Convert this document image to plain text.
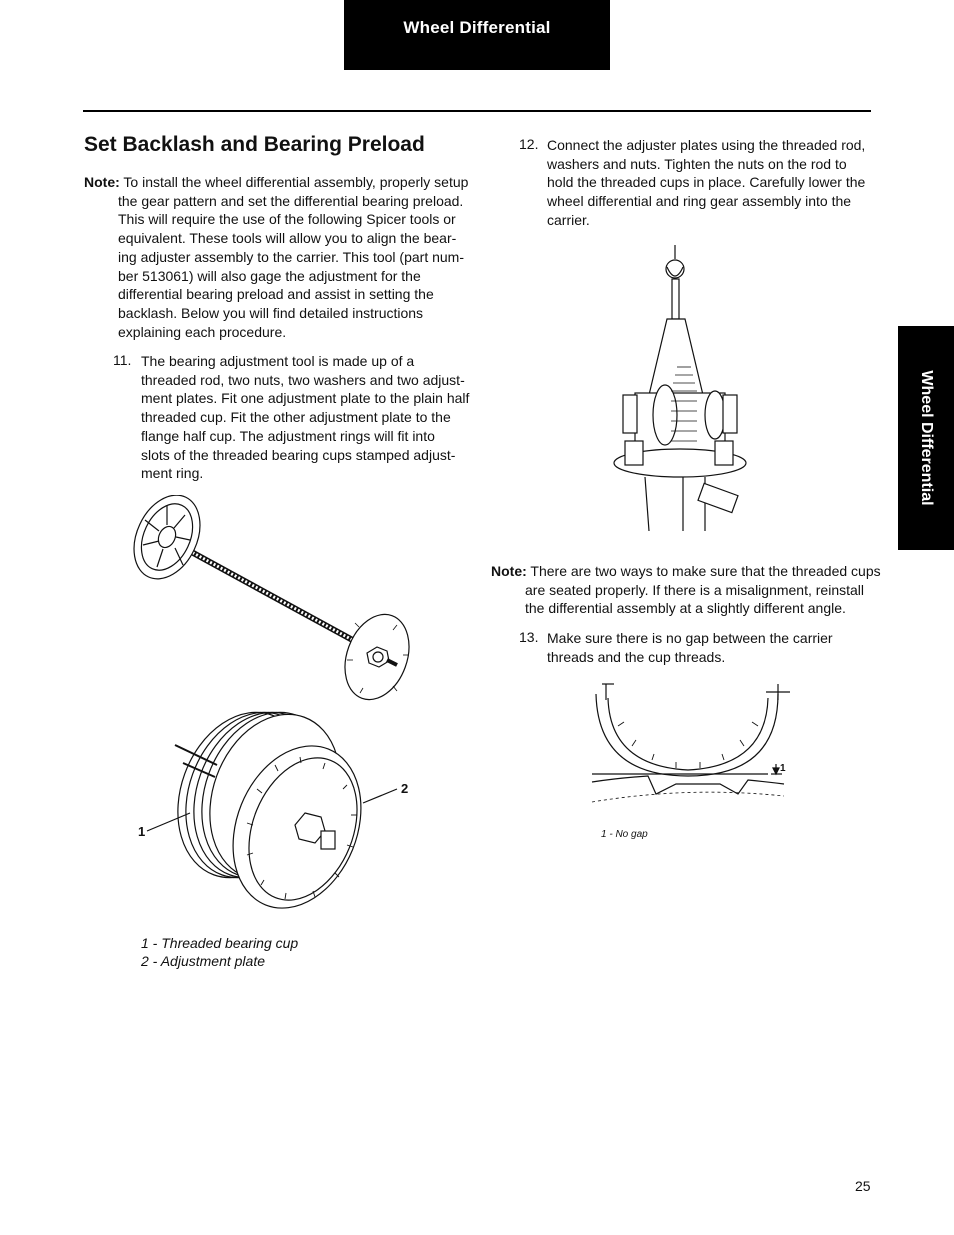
Wheel Differential
Wheel Differential
Set Backlash and Bearing Preload
Note: To install the wheel differential assembly, properly setup
the gear pattern and set the differential bearing preload.
This will require the use of the following Spicer tools or
equivalent. These tools will allow you to align the bear-
ing adjuster assembly to the carrier. This tool (part num-
ber 513061) will also gage the adjustment for the
differential bearing preload and assist in setting the
backlash. Below you will find detailed instructions
explaining each procedure.
11. The bearing adjustment tool is made up of a
threaded rod, two nuts, two washers and two adjust-
ment plates. Fit one adjustment plate to the plain half
threaded cup. Fit the other adjustment plate to the
flange half cup. The adjustment rings will fit into
slots of the threaded bearing cups stamped adjust-
ment ring.
1
2
1 - Threaded bearing cup
2 - Adjustment plate
12. Connect the adjuster plates using the threaded rod,
washers and nuts. Tighten the nuts on the rod to
hold the threaded cups in place. Carefully lower the
wheel differential and ring gear assembly into the
carrier.
Note: There are two ways to make sure that the threaded cups
are seated properly. If there is a misalignment, reinstall
the differential assembly at a slightly different angle.
13. Make sure there is no gap between the carrier
threads and the cup threads.
1
1 - No gap
25
